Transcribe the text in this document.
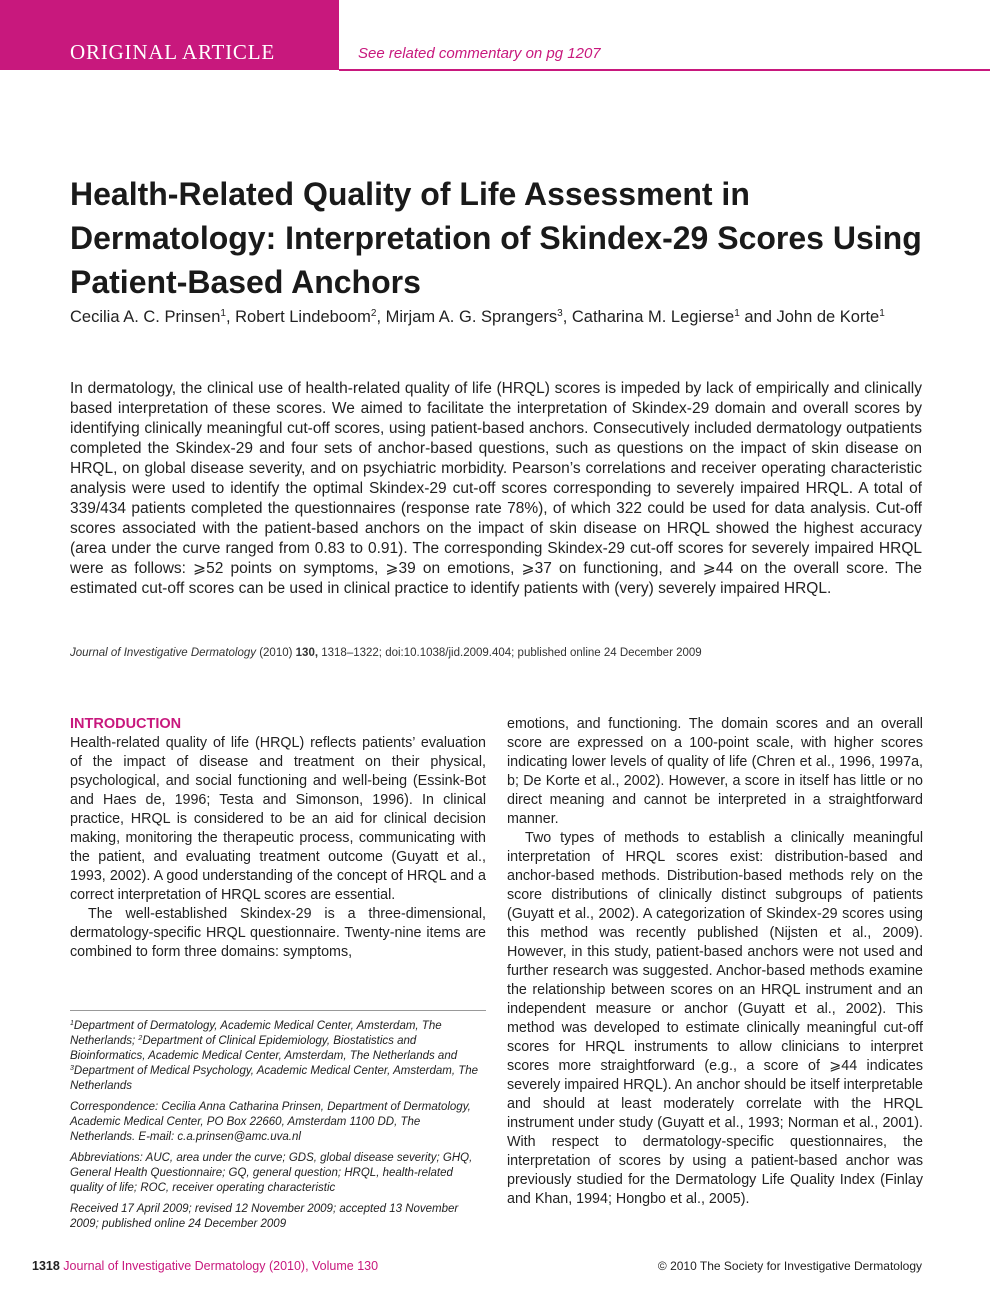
ORIGINAL ARTICLE	See related commentary on pg 1207
Health-Related Quality of Life Assessment in Dermatology: Interpretation of Skindex-29 Scores Using Patient-Based Anchors
Cecilia A. C. Prinsen$^1$, Robert Lindeboom$^2$, Mirjam A. G. Sprangers$^3$, Catharina M. Legierse$^1$ and John de Korte$^1$

In dermatology, the clinical use of health-related quality of life (HRQL) scores is impeded by lack of empirically and clinically based interpretation of these scores. We aimed to facilitate the interpretation of Skindex-29 domain and overall scores by identifying clinically meaningful cut-off scores, using patient-based anchors. Consecutively included dermatology outpatients completed the Skindex-29 and four sets of anchor-based questions, such as questions on the impact of skin disease on HRQL, on global disease severity, and on psychiatric morbidity. Pearson’s correlations and receiver operating characteristic analysis were used to identify the optimal Skindex-29 cut-off scores corresponding to severely impaired HRQL. A total of 339/434 patients completed the questionnaires (response rate 78%), of which 322 could be used for data analysis. Cut-off scores associated with the patient-based anchors on the impact of skin disease on HRQL showed the highest accuracy (area under the curve ranged from 0.83 to 0.91). The corresponding Skindex-29 cut-off scores for severely impaired HRQL were as follows: ⩾52 points on symptoms, ⩾39 on emotions, ⩾37 on functioning, and ⩾44 on the overall score. The estimated cut-off scores can be used in clinical practice to identify patients with (very) severely impaired HRQL.

Journal of Investigative Dermatology (2010) 130, 1318–1322; doi:10.1038/jid.2009.404; published online 24 December 2009
INTRODUCTION

Health-related quality of life (HRQL) reflects patients’ evaluation of the impact of disease and treatment on their physical, psychological, and social functioning and well-being (Essink-Bot and Haes de, 1996; Testa and Simonson, 1996). In clinical practice, HRQL is considered to be an aid for clinical decision making, monitoring the therapeutic process, communicating with the patient, and evaluating treatment outcome (Guyatt et al., 1993, 2002). A good understanding of the concept of HRQL and a correct interpretation of HRQL scores are essential.

The well-established Skindex-29 is a three-dimensional, dermatology-specific HRQL questionnaire. Twenty-nine items are combined to form three domains: symptoms,

emotions, and functioning. The domain scores and an overall score are expressed on a 100-point scale, with higher scores indicating lower levels of quality of life (Chren et al., 1996, 1997a, b; De Korte et al., 2002). However, a score in itself has little or no direct meaning and cannot be interpreted in a straightforward manner.

Two types of methods to establish a clinically meaningful interpretation of HRQL scores exist: distribution-based and anchor-based methods. Distribution-based methods rely on the score distributions of clinically distinct subgroups of patients (Guyatt et al., 2002). A categorization of Skindex-29 scores using this method was recently published (Nijsten et al., 2009). However, in this study, patient-based anchors were not used and further research was suggested. Anchor-based methods examine the relationship between scores on an HRQL instrument and an independent measure or anchor (Guyatt et al., 2002). This method was developed to estimate clinically meaningful cut-off scores for HRQL instruments to allow clinicians to interpret scores more straightforward (e.g., a score of ⩾44 indicates severely impaired HRQL). An anchor should be itself interpretable and should at least moderately correlate with the HRQL instrument under study (Guyatt et al., 1993; Norman et al., 2001). With respect to dermatology-specific questionnaires, the interpretation of scores by using a patient-based anchor was previously studied for the Dermatology Life Quality Index (Finlay and Khan, 1994; Hongbo et al., 2005).

$^1$Department of Dermatology, Academic Medical Center, Amsterdam, The Netherlands; $^2$Department of Clinical Epidemiology, Biostatistics and Bioinformatics, Academic Medical Center, Amsterdam, The Netherlands and $^3$Department of Medical Psychology, Academic Medical Center, Amsterdam, The Netherlands

Correspondence: Cecilia Anna Catharina Prinsen, Department of Dermatology, Academic Medical Center, PO Box 22660, Amsterdam 1100 DD, The Netherlands. E-mail: c.a.prinsen@amc.uva.nl

Abbreviations: AUC, area under the curve; GDS, global disease severity; GHQ, General Health Questionnaire; GQ, general question; HRQL, health-related quality of life; ROC, receiver operating characteristic

Received 17 April 2009; revised 12 November 2009; accepted 13 November 2009; published online 24 December 2009

1318 Journal of Investigative Dermatology (2010), Volume 130	© 2010 The Society for Investigative Dermatology
